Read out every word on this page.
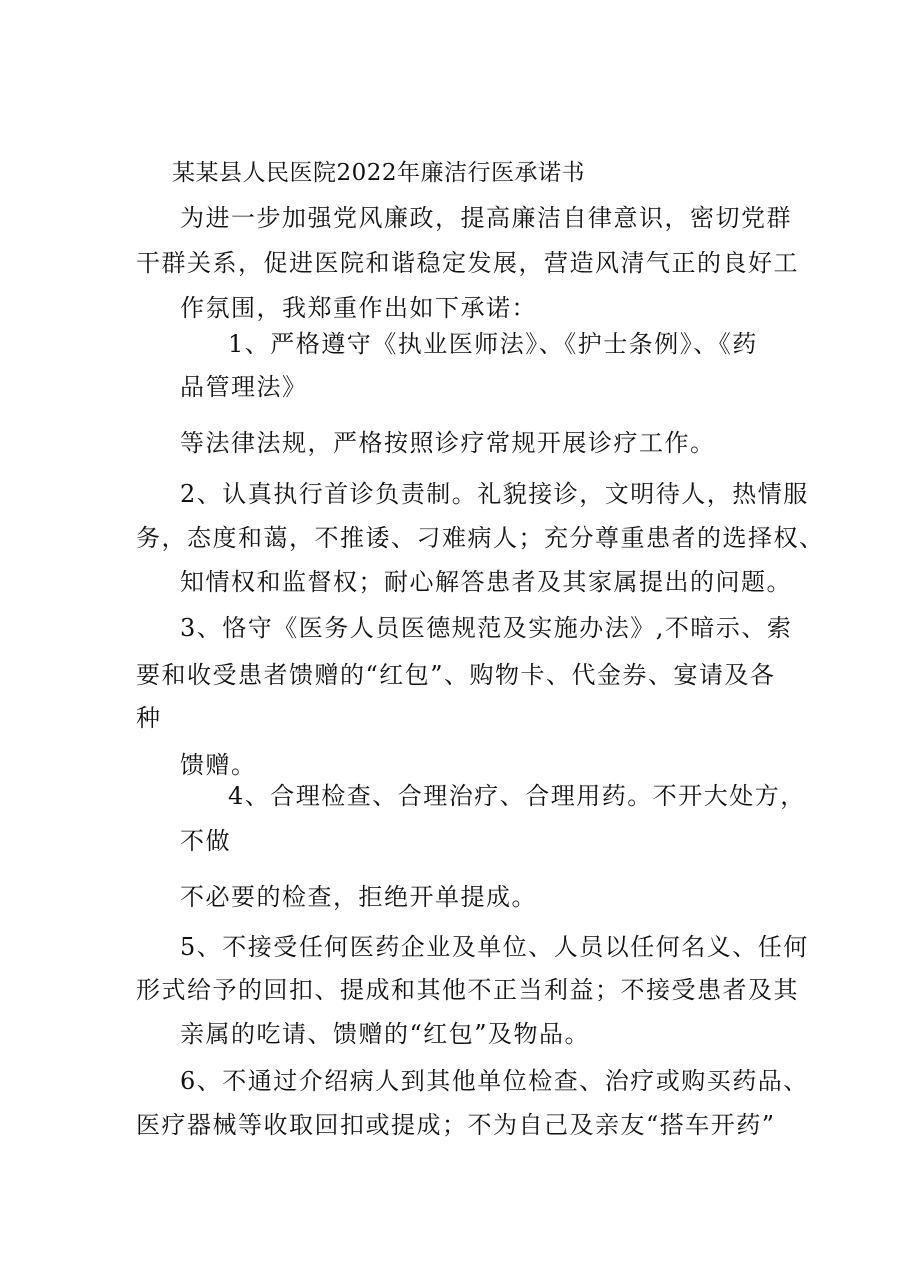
某某县人民医院2022年廉洁行医承诺书
为进一步加强党风廉政，提高廉洁自律意识，密切党群
干群关系，促进医院和谐稳定发展，营造风清气正的良好工
作氛围，我郑重作出如下承诺：
1、严格遵守《执业医师法》、《护士条例》、《药
品管理法》
等法律法规，严格按照诊疗常规开展诊疗工作。
2、认真执行首诊负责制。礼貌接诊，文明待人，热情服
务，态度和蔼，不推诿、刁难病人；充分尊重患者的选择权、
知情权和监督权；耐心解答患者及其家属提出的问题。
3、恪守《医务人员医德规范及实施办法》,不暗示、索
要和收受患者馈赠的“红包”、购物卡、代金券、宴请及各
种
馈赠。
4、合理检查、合理治疗、合理用药。不开大处方，
不做
不必要的检查，拒绝开单提成。
5、不接受任何医药企业及单位、人员以任何名义、任何
形式给予的回扣、提成和其他不正当利益；不接受患者及其
亲属的吃请、馈赠的“红包”及物品。
6、不通过介绍病人到其他单位检查、治疗或购买药品、
医疗器械等收取回扣或提成；不为自己及亲友“搭车开药”
